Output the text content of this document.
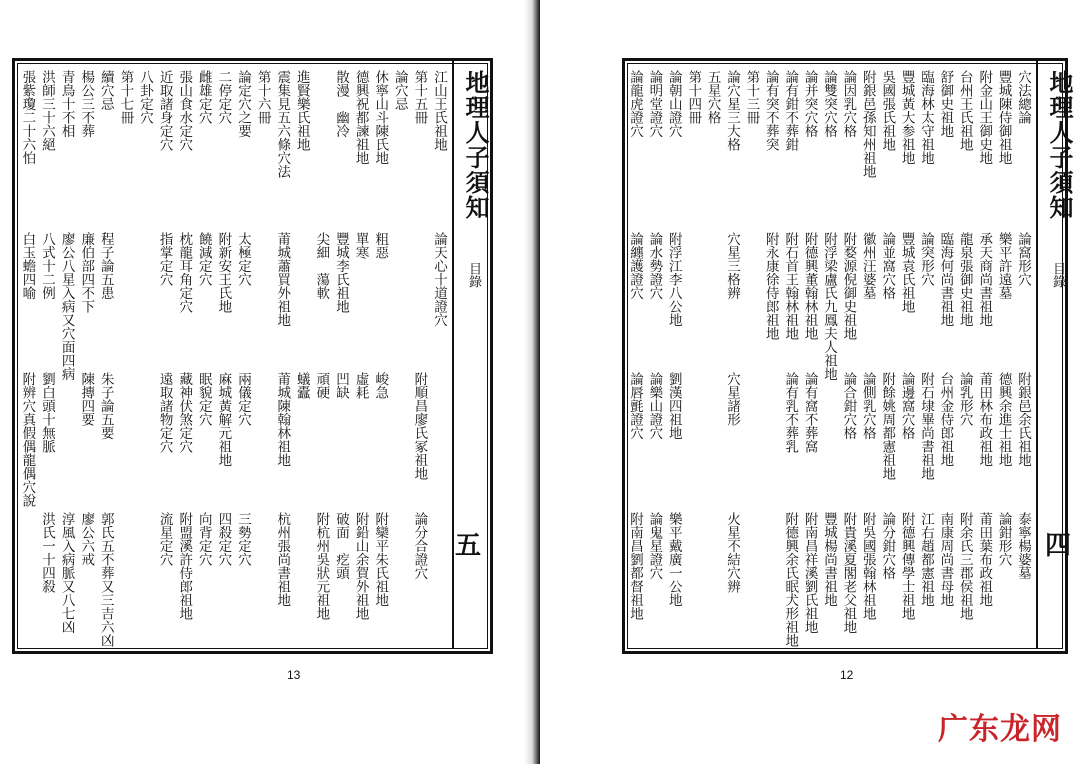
地理人子須知
目錄
五
江山王氏祖地
論天心十道證穴
第十五冊
附順昌廖氏冢祖地
論分合證穴
論穴忌
休寧山斗陳氏地
粗惡
峻急
附欒平朱氏祖地
德興祝都諫祖地
單寒
虛耗
附鉛山余賀外祖地
散漫　幽冷
豐城李氏祖地
凹缺
破面　疙頭
尖細　蕩軟
頑硬
附杭州吳狀元祖地
進賢樂氏祖地
蟻蠹
震集見五六條穴法
莆城蕭買外祖地
莆城陳翰林祖地
杭州張尚書祖地
第十六冊
論定穴之要
太極定穴
兩儀定穴
三勢定穴
二停定穴
附新安王氏地
麻城黃解元祖地
四殺定穴
雌雄定穴
饒減定穴
眠貌定穴
向背定穴
張山食水定穴
枕龍耳角定穴
藏神伏煞定穴
附盟溪許侍郎祖地
近取諸身定穴
指掌定穴
遠取諸物定穴
流星定穴
八卦定穴
第十七冊
續穴忌
程子論五患
朱子論五要
郭氏五不葬又三吉六凶
楊公三不葬
廉伯部四不下
陳摶四要
廖公六戒
青鳥十不相
廖公八星入病又穴面四病
淳風入病脈又八七凶
洪師三十六絕
八式十二例
劉白頭十無脈
洪氏一十四殺
張紫瓊二十六怕
白玉蟾四喻
附辨穴真假偶龍偶穴說
13
地理人子須知
目錄
四
穴法總論
論窩形穴
附銀邑余氏祖地
泰寧楊婆墓
豐城陳侍御祖地
樂平許遠墓
德興余進士祖地
論鉗形穴
附金山王御史地
承天商尚書祖地
莆田林布政祖地
莆田葉布政祖地
台州王氏祖地
龍泉張御史祖地
論乳形穴
附余氏三郡侯祖地
舒御史祖地
臨海何尚書祖地
台州金侍郎祖地
南康周尚書母地
臨海林太守祖地
論突形穴
附石埭畢尚書祖地
江右趙都憲祖地
豐城黃大参祖地
豐城袁氏祖地
論邊窩穴格
附德興傳學士祖地
吳國張氏祖地
論並窩穴格
附餘姚周都憲祖地
論分鉗穴格
附銀邑孫知州祖地
徽州汪婆墓
論側乳穴格
附吳國張翰林祖地
論因乳穴格
附婺源倪御史祖地
論合鉗穴格
附貴溪夏閣老父祖地
論雙突穴格
附浮梁盧氏九鳳夫人祖地
豐城楊尚書祖地
論并突穴格
附德興董翰林祖地
論有窩不葬窩
附南昌祥溪劉氏祖地
論有鉗不葬鉗
附石首王翰林祖地
論有乳不葬乳
附德興余氏眠犬形祖地
論有突不葬突
附永康徐侍郎祖地
第十三冊
論穴星三大格
穴星三格辨
穴星諸形
火星不結穴辨
五星穴格
第十四冊
論朝山證穴
附浮江李八公地
劉漢四祖地
樂平戴廣一公地
論明堂證穴
論水勢證穴
論樂山證穴
論鬼星證穴
論龍虎證穴
論纏護證穴
論唇氈證穴
附南昌劉都督祖地
12
广东龙网
